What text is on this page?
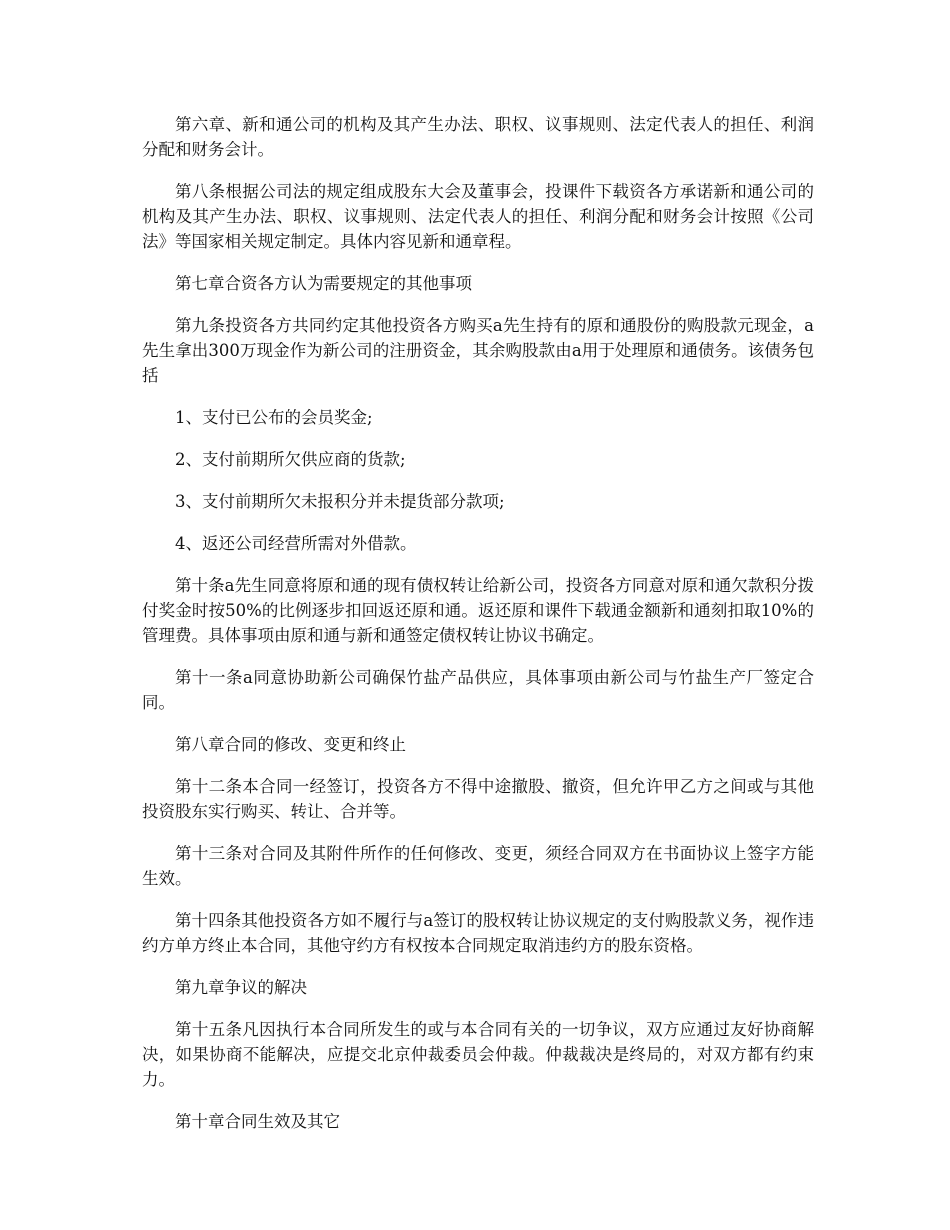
第六章、新和通公司的机构及其产生办法、职权、议事规则、法定代表人的担任、利润分配和财务会计。

第八条根据公司法的规定组成股东大会及董事会，投课件下载资各方承诺新和通公司的机构及其产生办法、职权、议事规则、法定代表人的担任、利润分配和财务会计按照《公司法》等国家相关规定制定。具体内容见新和通章程。

第七章合资各方认为需要规定的其他事项

第九条投资各方共同约定其他投资各方购买a先生持有的原和通股份的购股款元现金，a先生拿出300万现金作为新公司的注册资金，其余购股款由a用于处理原和通债务。该债务包括

1、支付已公布的会员奖金;

2、支付前期所欠供应商的货款;

3、支付前期所欠未报积分并未提货部分款项;

4、返还公司经营所需对外借款。

第十条a先生同意将原和通的现有债权转让给新公司，投资各方同意对原和通欠款积分拨付奖金时按50%的比例逐步扣回返还原和通。返还原和课件下载通金额新和通刻扣取10%的管理费。具体事项由原和通与新和通签定债权转让协议书确定。

第十一条a同意协助新公司确保竹盐产品供应，具体事项由新公司与竹盐生产厂签定合同。

第八章合同的修改、变更和终止

第十二条本合同一经签订，投资各方不得中途撤股、撤资，但允许甲乙方之间或与其他投资股东实行购买、转让、合并等。

第十三条对合同及其附件所作的任何修改、变更，须经合同双方在书面协议上签字方能生效。

第十四条其他投资各方如不履行与a签订的股权转让协议规定的支付购股款义务，视作违约方单方终止本合同，其他守约方有权按本合同规定取消违约方的股东资格。

第九章争议的解决

第十五条凡因执行本合同所发生的或与本合同有关的一切争议，双方应通过友好协商解决，如果协商不能解决，应提交北京仲裁委员会仲裁。仲裁裁决是终局的，对双方都有约束力。

第十章合同生效及其它
